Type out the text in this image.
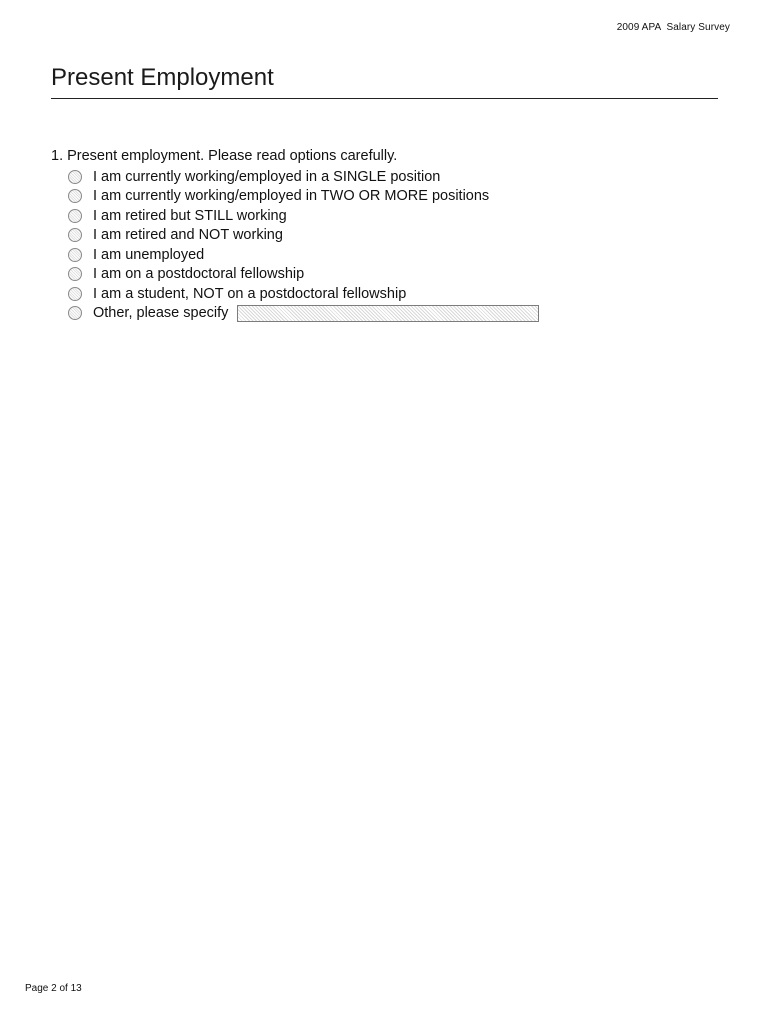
2009 APA  Salary Survey
Present Employment
1. Present employment. Please read options carefully.
I am currently working/employed in a SINGLE position
I am currently working/employed in TWO OR MORE positions
I am retired but STILL working
I am retired and NOT working
I am unemployed
I am on a postdoctoral fellowship
I am a student, NOT on a postdoctoral fellowship
Other, please specify
Page 2 of 13
